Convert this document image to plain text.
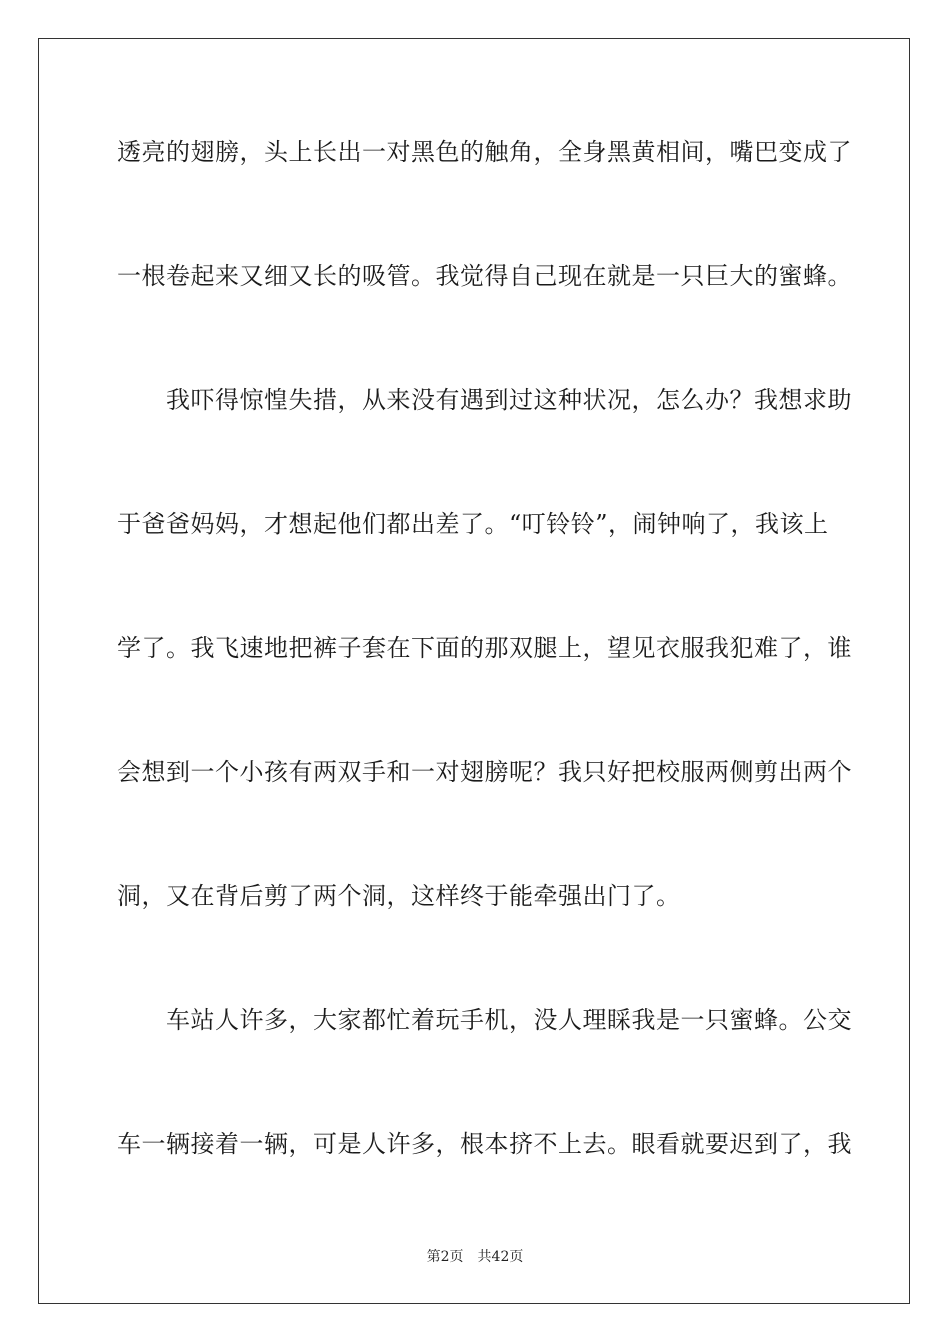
透亮的翅膀，头上长出一对黑色的触角，全身黑黄相间，嘴巴变成了
一根卷起来又细又长的吸管。我觉得自己现在就是一只巨大的蜜蜂。
　　我吓得惊惶失措，从来没有遇到过这种状况，怎么办？我想求助
于爸爸妈妈，才想起他们都出差了。“叮铃铃”，闹钟响了，我该上
学了。我飞速地把裤子套在下面的那双腿上，望见衣服我犯难了，谁
会想到一个小孩有两双手和一对翅膀呢？我只好把校服两侧剪出两个
洞，又在背后剪了两个洞，这样终于能牵强出门了。
　　车站人许多，大家都忙着玩手机，没人理睬我是一只蜜蜂。公交
车一辆接着一辆，可是人许多，根本挤不上去。眼看就要迟到了，我
第2页 共42页
